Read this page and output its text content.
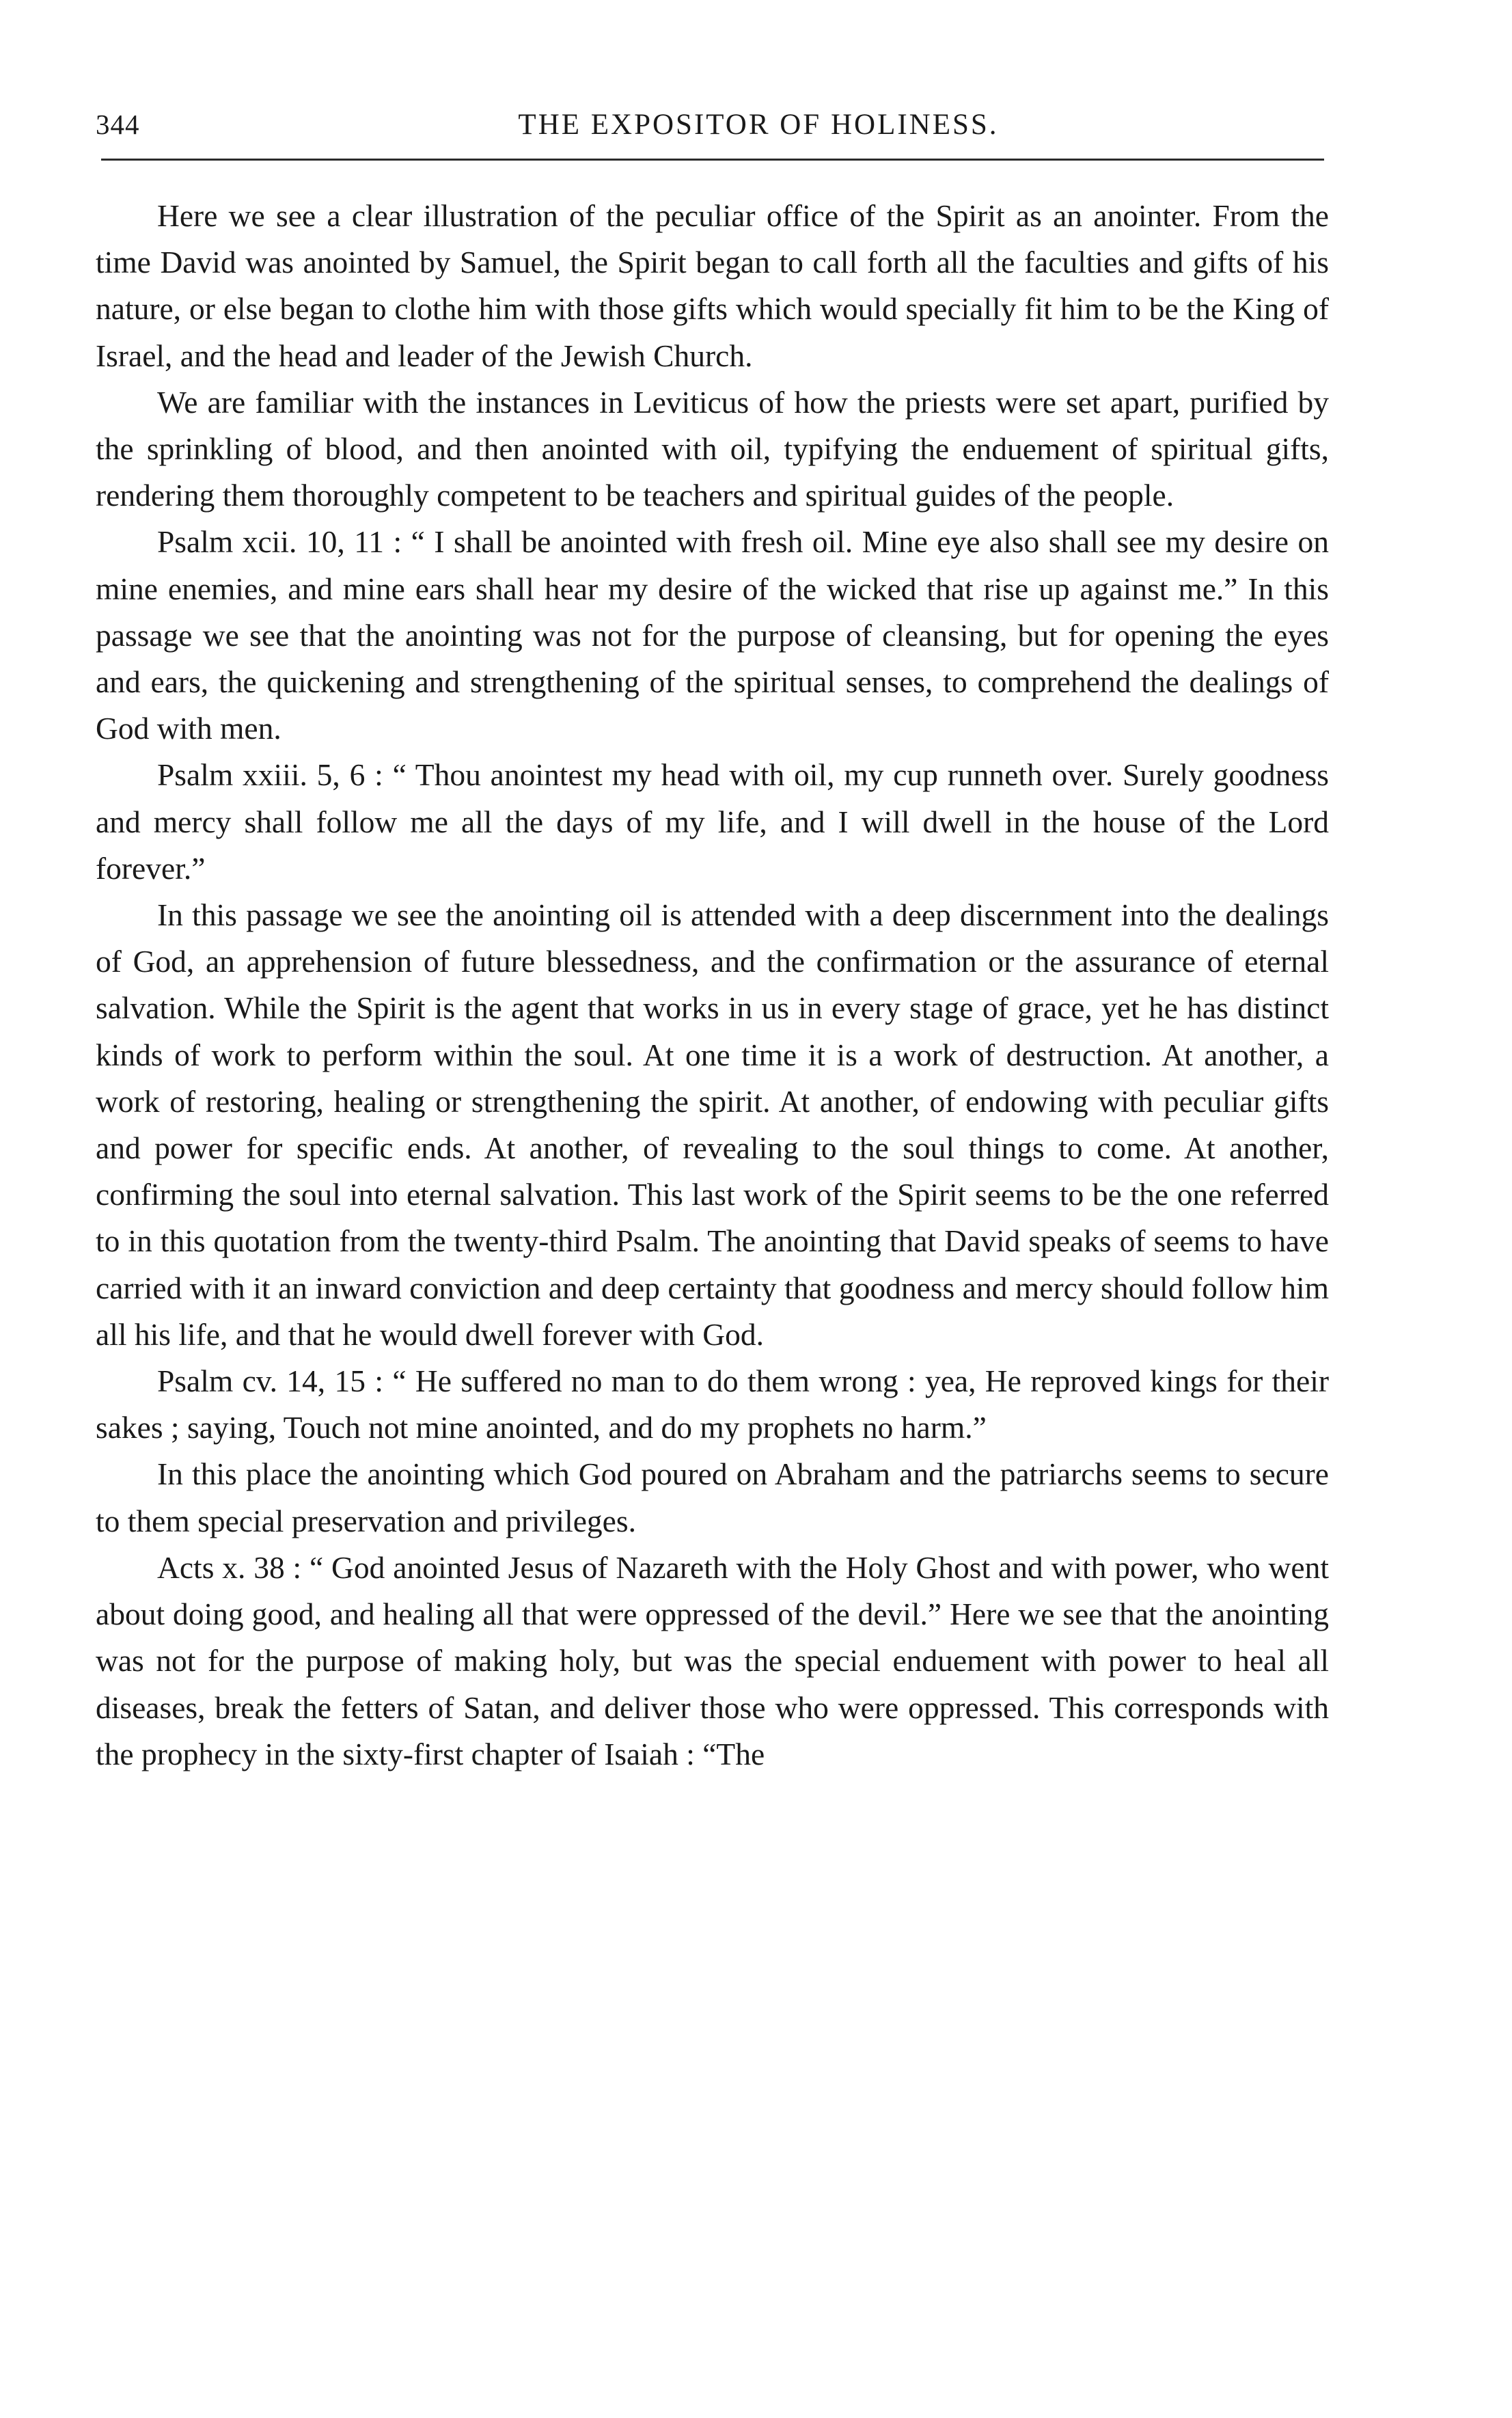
344	THE EXPOSITOR OF HOLINESS.

Here we see a clear illustration of the peculiar office of the Spirit as an anointer. From the time David was anointed by Samuel, the Spirit began to call forth all the faculties and gifts of his nature, or else began to clothe him with those gifts which would specially fit him to be the King of Israel, and the head and leader of the Jewish Church.

We are familiar with the instances in Leviticus of how the priests were set apart, purified by the sprinkling of blood, and then anointed with oil, typifying the enduement of spiritual gifts, rendering them thoroughly competent to be teachers and spiritual guides of the people.

Psalm xcii. 10, 11 : “ I shall be anointed with fresh oil. Mine eye also shall see my desire on mine enemies, and mine ears shall hear my desire of the wicked that rise up against me.” In this passage we see that the anointing was not for the purpose of cleansing, but for opening the eyes and ears, the quickening and strengthening of the spiritual senses, to comprehend the dealings of God with men.

Psalm xxiii. 5, 6 : “ Thou anointest my head with oil, my cup runneth over. Surely goodness and mercy shall follow me all the days of my life, and I will dwell in the house of the Lord forever.”

In this passage we see the anointing oil is attended with a deep discernment into the dealings of God, an apprehension of future blessedness, and the confirmation or the assurance of eternal salvation. While the Spirit is the agent that works in us in every stage of grace, yet he has distinct kinds of work to perform within the soul. At one time it is a work of destruction. At another, a work of restoring, healing or strengthening the spirit. At another, of endowing with peculiar gifts and power for specific ends. At another, of revealing to the soul things to come. At another, confirming the soul into eternal salvation. This last work of the Spirit seems to be the one referred to in this quotation from the twenty-third Psalm. The anointing that David speaks of seems to have carried with it an inward conviction and deep certainty that goodness and mercy should follow him all his life, and that he would dwell forever with God.

Psalm cv. 14, 15 : “ He suffered no man to do them wrong : yea, He reproved kings for their sakes ; saying, Touch not mine anointed, and do my prophets no harm.”

In this place the anointing which God poured on Abraham and the patriarchs seems to secure to them special preservation and privileges.

Acts x. 38 : “ God anointed Jesus of Nazareth with the Holy Ghost and with power, who went about doing good, and healing all that were oppressed of the devil.” Here we see that the anointing was not for the purpose of making holy, but was the special enduement with power to heal all diseases, break the fetters of Satan, and deliver those who were oppressed. This corresponds with the prophecy in the sixty-first chapter of Isaiah : “The
